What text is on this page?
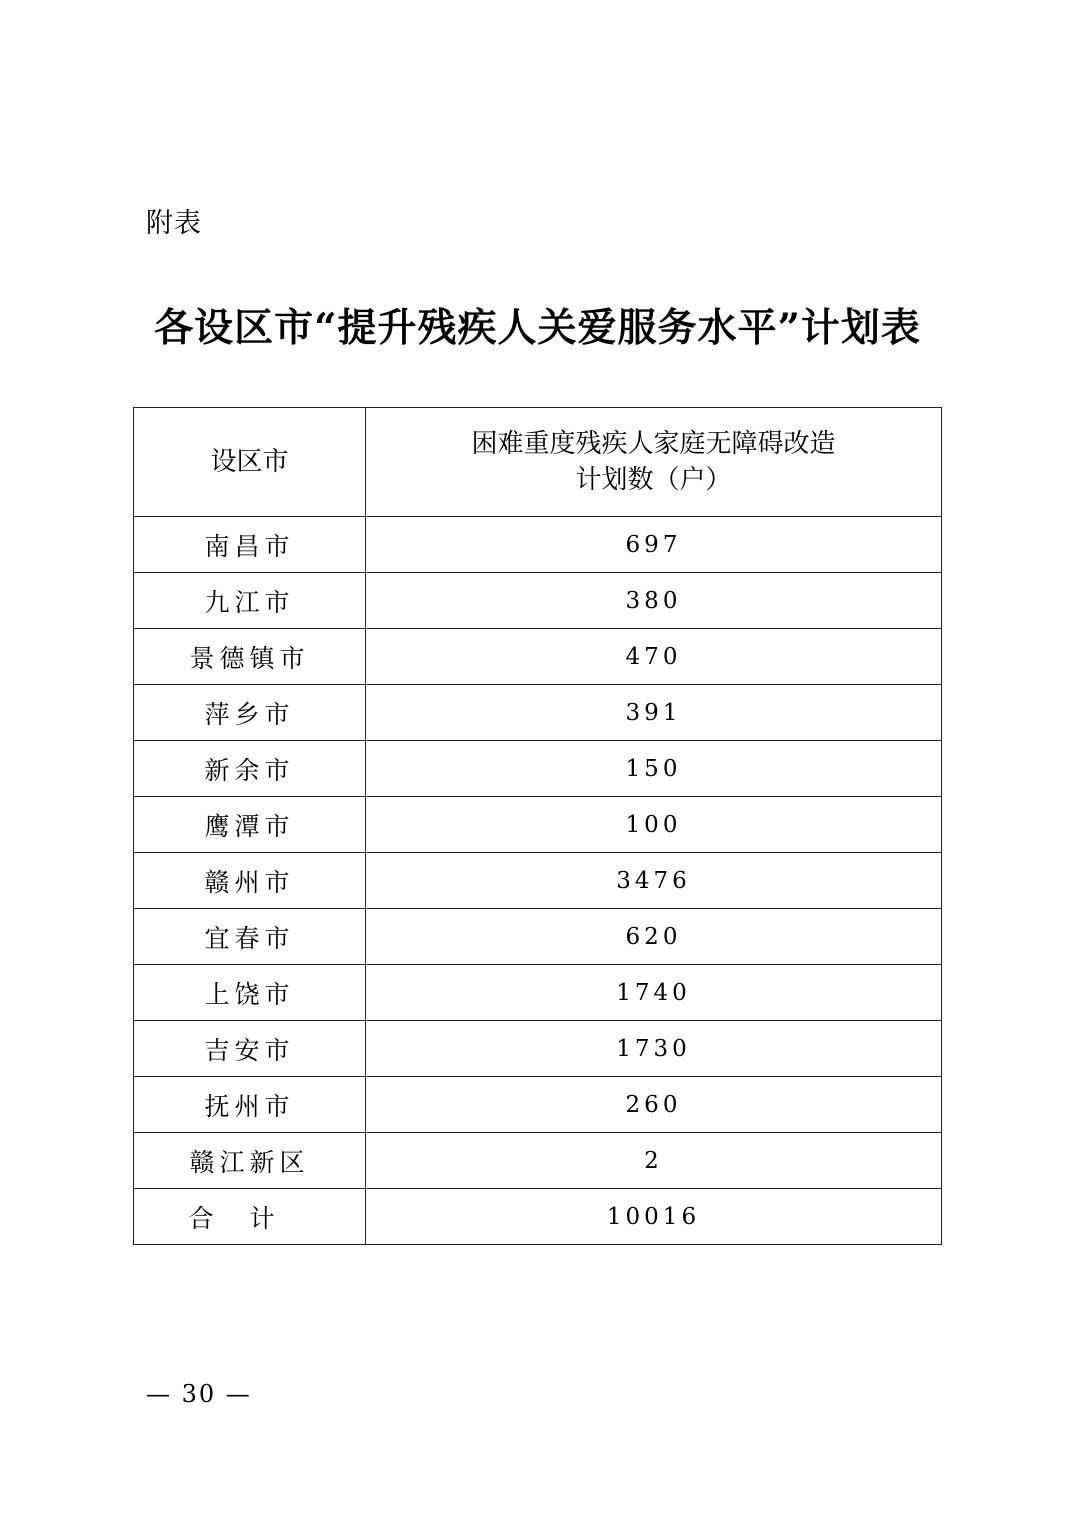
附表
各设区市“提升残疾人关爱服务水平”计划表
设区市	困难重度残疾人家庭无障碍改造
计划数（户）

南昌市	697
九江市	380
景德镇市	470
萍乡市	391
新余市	150
鹰潭市	100
赣州市	3476
宜春市	620
上饶市	1740
吉安市	1730
抚州市	260
赣江新区	2
合计	10016
— 30 —
